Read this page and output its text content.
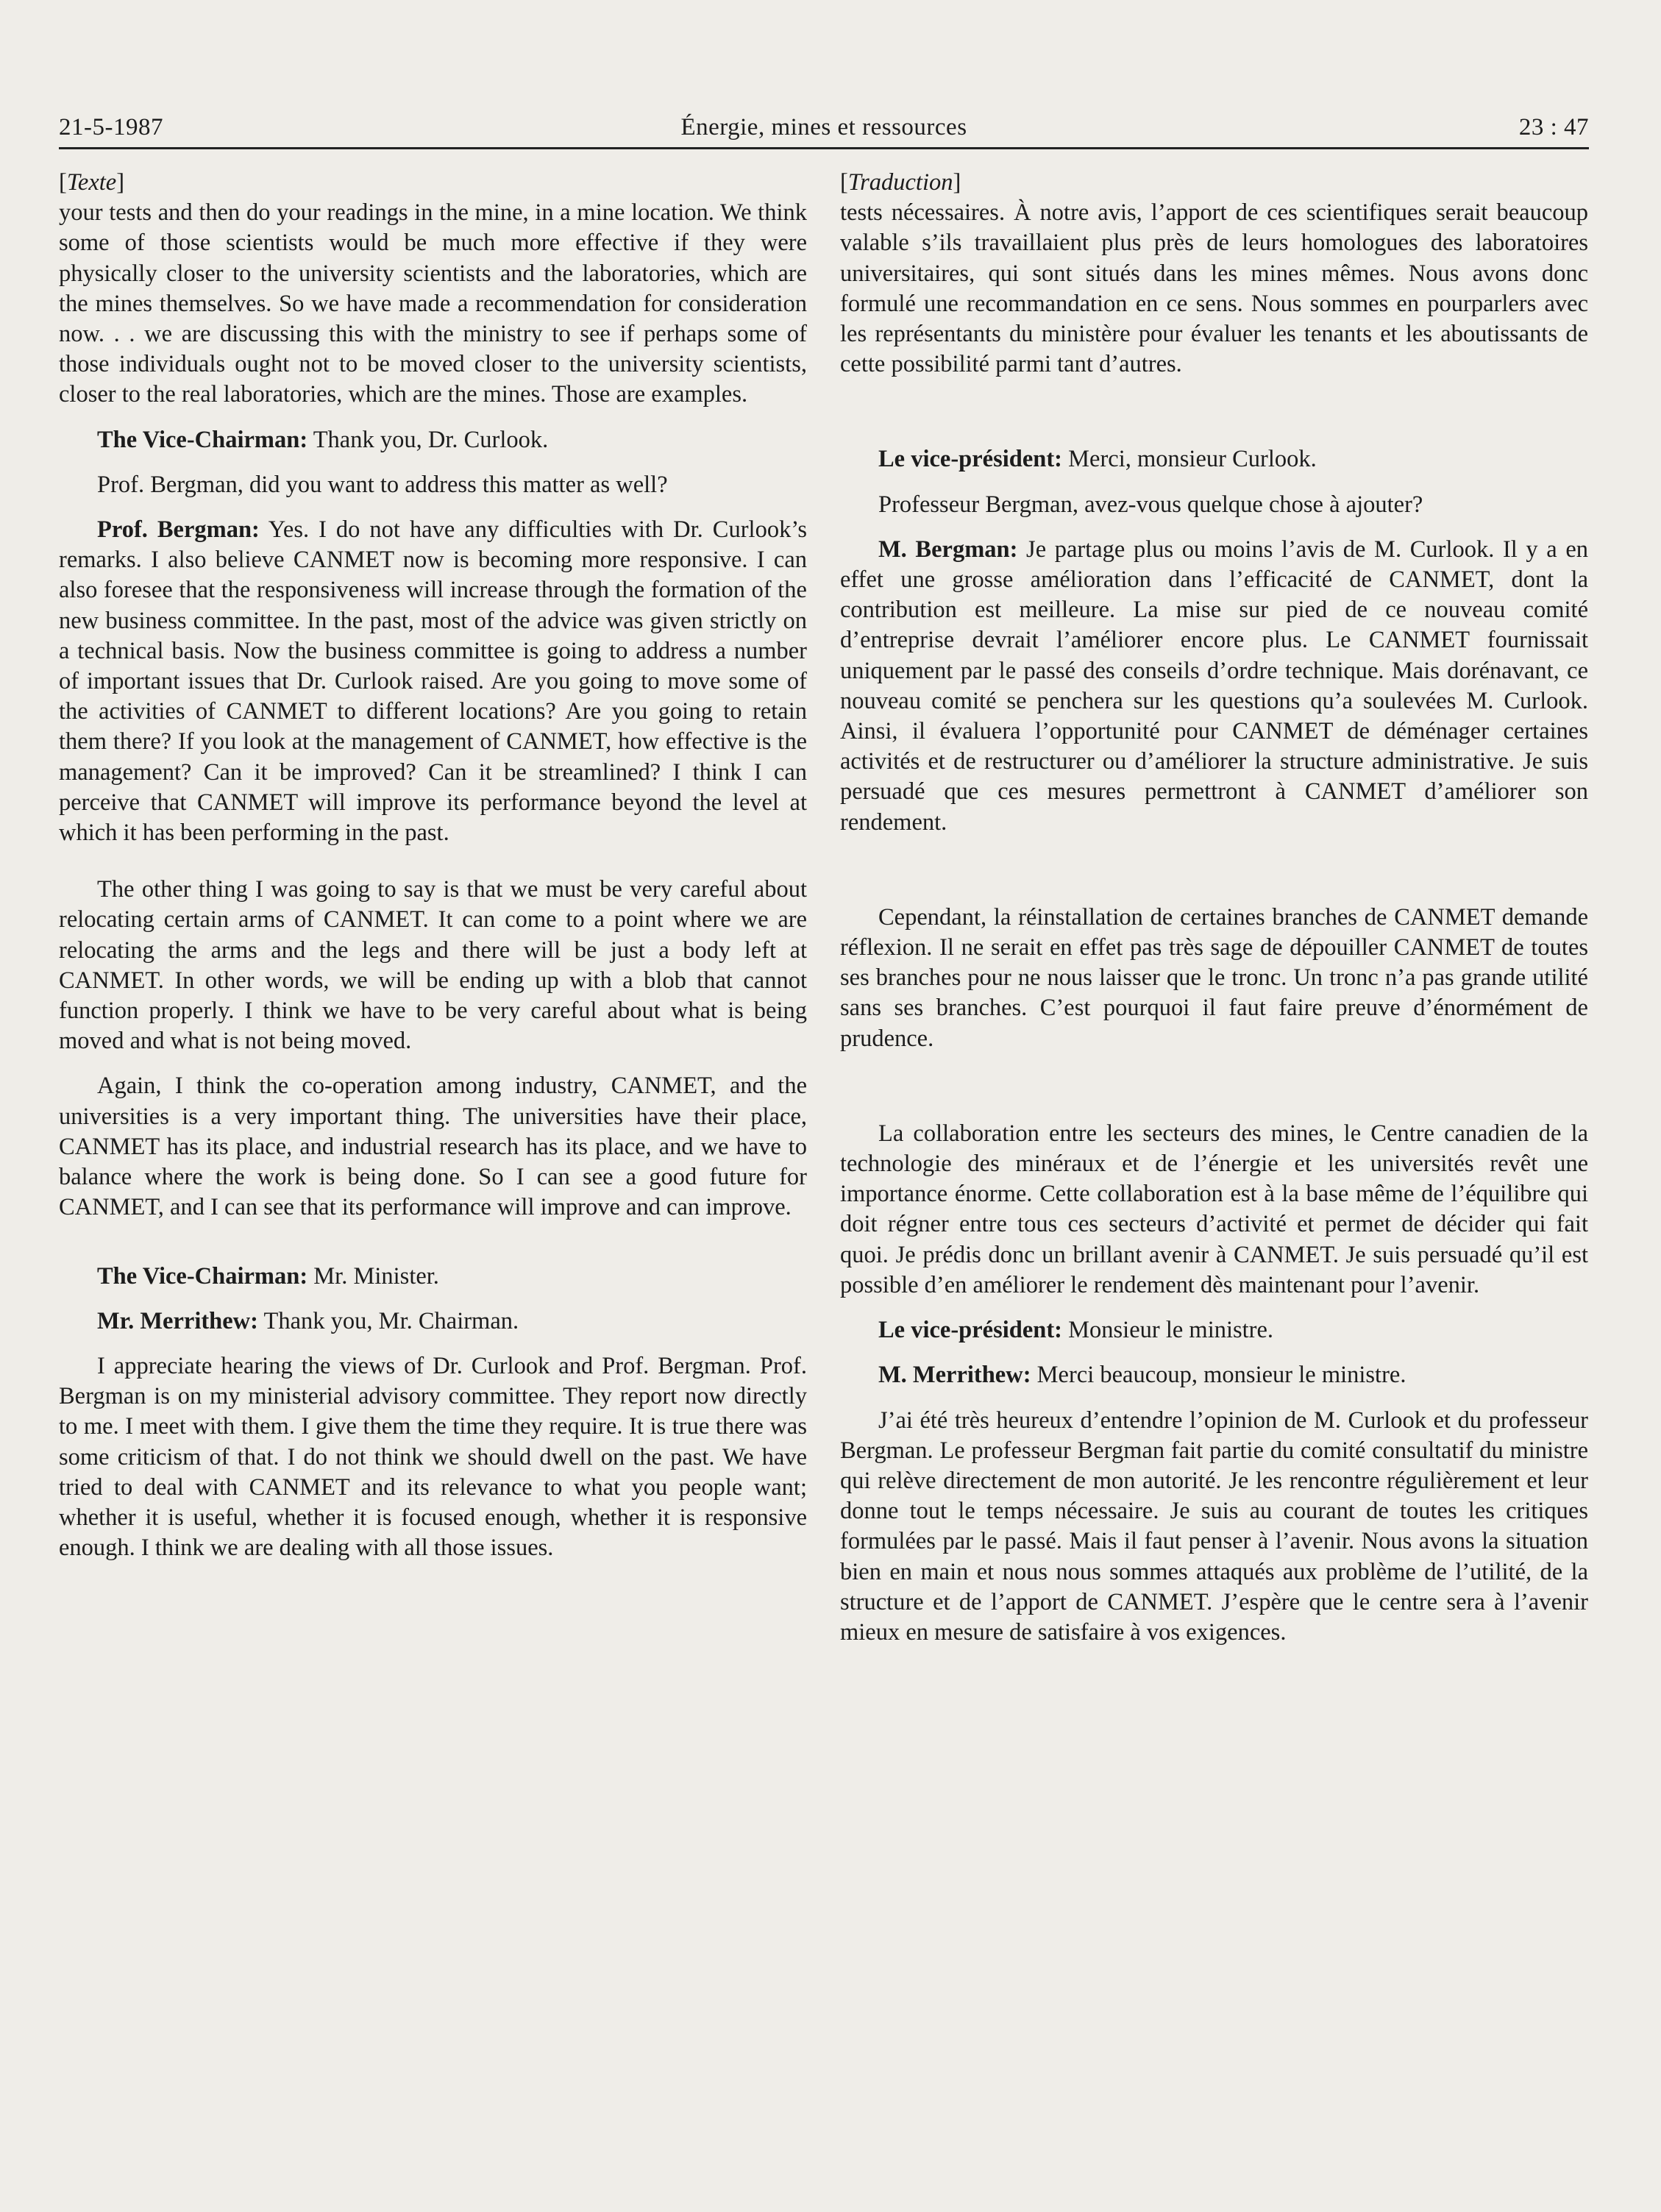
21-5-1987	Énergie, mines et ressources	23 : 47

[Texte]

your tests and then do your readings in the mine, in a mine location. We think some of those scientists would be much more effective if they were physically closer to the university scientists and the laboratories, which are the mines themselves. So we have made a recommendation for consideration now. . . we are discussing this with the ministry to see if perhaps some of those individuals ought not to be moved closer to the university scientists, closer to the real laboratories, which are the mines. Those are examples.

The Vice-Chairman: Thank you, Dr. Curlook.

Prof. Bergman, did you want to address this matter as well?

Prof. Bergman: Yes. I do not have any difficulties with Dr. Curlook’s remarks. I also believe CANMET now is becoming more responsive. I can also foresee that the responsiveness will increase through the formation of the new business committee. In the past, most of the advice was given strictly on a technical basis. Now the business committee is going to address a number of important issues that Dr. Curlook raised. Are you going to move some of the activities of CANMET to different locations? Are you going to retain them there? If you look at the management of CANMET, how effective is the management? Can it be improved? Can it be streamlined? I think I can perceive that CANMET will improve its performance beyond the level at which it has been performing in the past.

The other thing I was going to say is that we must be very careful about relocating certain arms of CANMET. It can come to a point where we are relocating the arms and the legs and there will be just a body left at CANMET. In other words, we will be ending up with a blob that cannot function properly. I think we have to be very careful about what is being moved and what is not being moved.

Again, I think the co-operation among industry, CANMET, and the universities is a very important thing. The universities have their place, CANMET has its place, and industrial research has its place, and we have to balance where the work is being done. So I can see a good future for CANMET, and I can see that its performance will improve and can improve.

The Vice-Chairman: Mr. Minister.

Mr. Merrithew: Thank you, Mr. Chairman.

I appreciate hearing the views of Dr. Curlook and Prof. Bergman. Prof. Bergman is on my ministerial advisory committee. They report now directly to me. I meet with them. I give them the time they require. It is true there was some criticism of that. I do not think we should dwell on the past. We have tried to deal with CANMET and its relevance to what you people want; whether it is useful, whether it is focused enough, whether it is responsive enough. I think we are dealing with all those issues.

[Traduction]

tests nécessaires. À notre avis, l’apport de ces scientifiques serait beaucoup valable s’ils travaillaient plus près de leurs homologues des laboratoires universitaires, qui sont situés dans les mines mêmes. Nous avons donc formulé une recommandation en ce sens. Nous sommes en pourparlers avec les représentants du ministère pour évaluer les tenants et les aboutissants de cette possibilité parmi tant d’autres.

Le vice-président: Merci, monsieur Curlook.

Professeur Bergman, avez-vous quelque chose à ajouter?

M. Bergman: Je partage plus ou moins l’avis de M. Curlook. Il y a en effet une grosse amélioration dans l’efficacité de CANMET, dont la contribution est meilleure. La mise sur pied de ce nouveau comité d’entreprise devrait l’améliorer encore plus. Le CANMET fournissait uniquement par le passé des conseils d’ordre technique. Mais dorénavant, ce nouveau comité se penchera sur les questions qu’a soulevées M. Curlook. Ainsi, il évaluera l’opportunité pour CANMET de déménager certaines activités et de restructurer ou d’améliorer la structure administrative. Je suis persuadé que ces mesures permettront à CANMET d’améliorer son rendement.

Cependant, la réinstallation de certaines branches de CANMET demande réflexion. Il ne serait en effet pas très sage de dépouiller CANMET de toutes ses branches pour ne nous laisser que le tronc. Un tronc n’a pas grande utilité sans ses branches. C’est pourquoi il faut faire preuve d’énormément de prudence.

La collaboration entre les secteurs des mines, le Centre canadien de la technologie des minéraux et de l’énergie et les universités revêt une importance énorme. Cette collaboration est à la base même de l’équilibre qui doit régner entre tous ces secteurs d’activité et permet de décider qui fait quoi. Je prédis donc un brillant avenir à CANMET. Je suis persuadé qu’il est possible d’en améliorer le rendement dès maintenant pour l’avenir.

Le vice-président: Monsieur le ministre.

M. Merrithew: Merci beaucoup, monsieur le ministre.

J’ai été très heureux d’entendre l’opinion de M. Curlook et du professeur Bergman. Le professeur Bergman fait partie du comité consultatif du ministre qui relève directement de mon autorité. Je les rencontre régulièrement et leur donne tout le temps nécessaire. Je suis au courant de toutes les critiques formulées par le passé. Mais il faut penser à l’avenir. Nous avons la situation bien en main et nous nous sommes attaqués aux problème de l’utilité, de la structure et de l’apport de CANMET. J’espère que le centre sera à l’avenir mieux en mesure de satisfaire à vos exigences.
